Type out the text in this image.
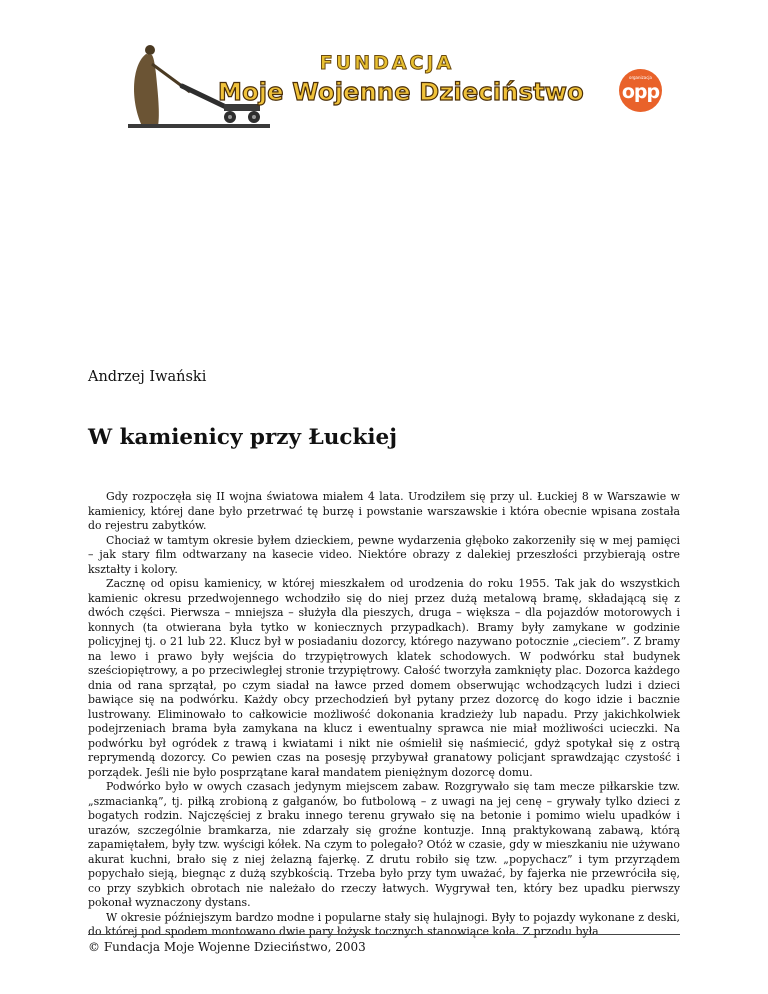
FUNDACJA
Moje Wojenne Dzieciństwo
organizacja
opp
Andrzej Iwański
W kamienicy przy Łuckiej

Gdy rozpoczęła się II wojna światowa miałem 4 lata. Urodziłem się przy ul. Łuckiej 8 w Warszawie w kamienicy, której dane było przetrwać tę burzę i powstanie warszawskie i która obecnie wpisana została do rejestru zabytków.

Chociaż w tamtym okresie byłem dzieckiem, pewne wydarzenia głęboko zakorzeniły się w mej pamięci – jak stary film odtwarzany na kasecie video. Niektóre obrazy z dalekiej przeszłości przybierają ostre kształty i kolory.

Zacznę od opisu kamienicy, w której mieszkałem od urodzenia do roku 1955. Tak jak do wszystkich kamienic okresu przedwojennego wchodziło się do niej przez dużą metalową bramę, składającą się z dwóch części. Pierwsza – mniejsza – służyła dla pieszych, druga – większa – dla pojazdów motorowych i konnych (ta otwierana była tytko w koniecznych przypadkach). Bramy były zamykane w godzinie policyjnej tj. o 21 lub 22. Klucz był w posiadaniu dozorcy, którego nazywano potocznie „cieciem”. Z bramy na lewo i prawo były wejścia do trzypiętrowych klatek schodowych. W podwórku stał budynek sześciopiętrowy, a po przeciwległej stronie trzypiętrowy. Całość tworzyła zamknięty plac. Dozorca każdego dnia od rana sprzątał, po czym siadał na ławce przed domem obserwując wchodzących ludzi i dzieci bawiące się na podwórku. Każdy obcy przechodzień był pytany przez dozorcę do kogo idzie i bacznie lustrowany. Eliminowało to całkowicie możliwość dokonania kradzieży lub napadu. Przy jakichkolwiek podejrzeniach brama była zamykana na klucz i ewentualny sprawca nie miał możliwości ucieczki. Na podwórku był ogródek z trawą i kwiatami i nikt nie ośmielił się naśmiecić, gdyż spotykał się z ostrą reprymendą dozorcy. Co pewien czas na posesję przybywał granatowy policjant sprawdzając czystość i porządek. Jeśli nie było posprzątane karał mandatem pieniężnym dozorcę domu.

Podwórko było w owych czasach jedynym miejscem zabaw. Rozgrywało się tam mecze piłkarskie tzw. „szmacianką”, tj. piłką zrobioną z gałganów, bo futbolową – z uwagi na jej cenę – grywały tylko dzieci z bogatych rodzin. Najczęściej z braku innego terenu grywało się na betonie i pomimo wielu upadków i urazów, szczególnie bramkarza, nie zdarzały się groźne kontuzje. Inną praktykowaną zabawą, którą zapamiętałem, były tzw. wyścigi kółek. Na czym to polegało? Otóż w czasie, gdy w mieszkaniu nie używano akurat kuchni, brało się z niej żelazną fajerkę. Z drutu robiło się tzw. „popychacz” i tym przyrządem popychało sieją, biegnąc z dużą szybkością. Trzeba było przy tym uważać, by fajerka nie przewróciła się, co przy szybkich obrotach nie należało do rzeczy łatwych. Wygrywał ten, który bez upadku pierwszy pokonał wyznaczony dystans.

W okresie późniejszym bardzo modne i popularne stały się hulajnogi. Były to pojazdy wykonane z deski, do której pod spodem montowano dwie pary łożysk tocznych stanowiące koła. Z przodu była

© Fundacja Moje Wojenne Dzieciństwo, 2003
